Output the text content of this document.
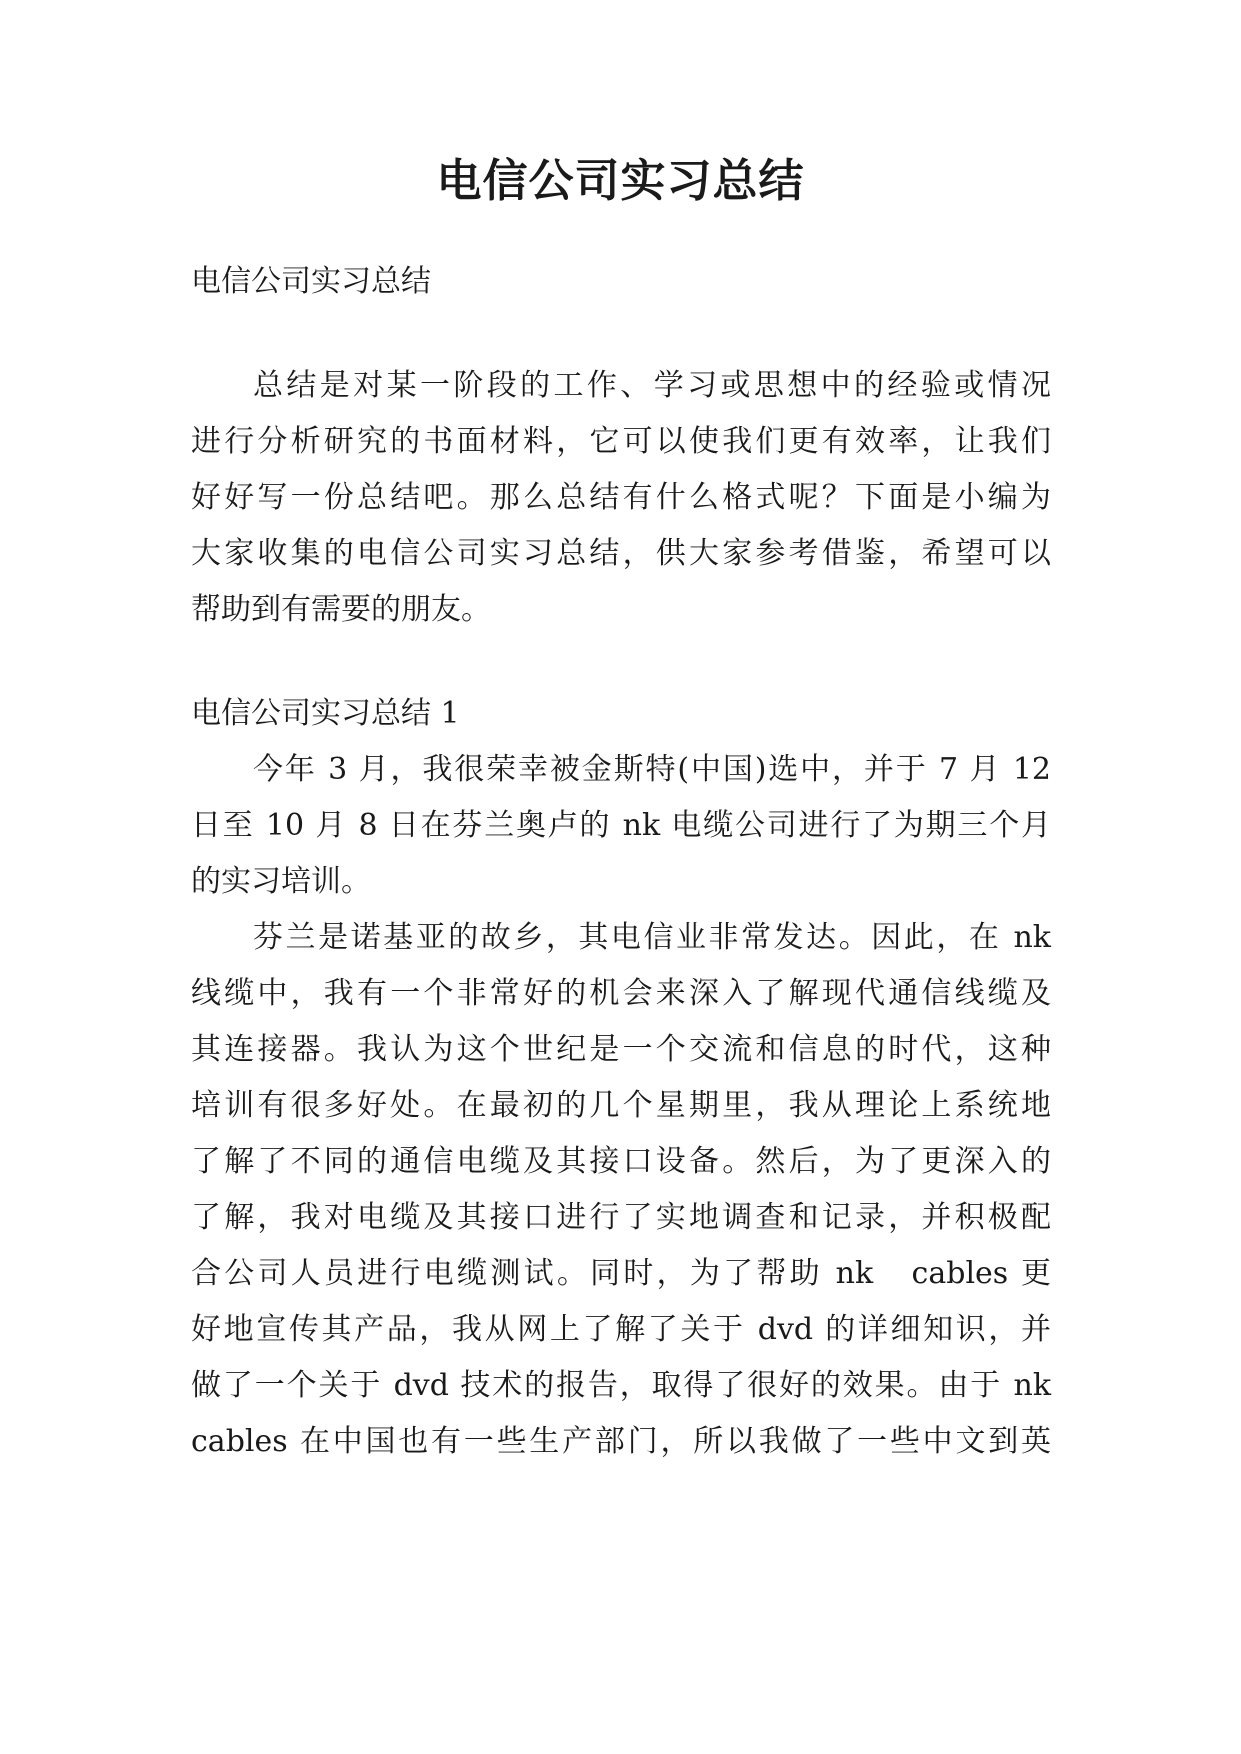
电信公司实习总结

电信公司实习总结

总结是对某一阶段的工作、学习或思想中的经验或情况

进行分析研究的书面材料，它可以使我们更有效率，让我们

好好写一份总结吧。那么总结有什么格式呢？下面是小编为

大家收集的电信公司实习总结，供大家参考借鉴，希望可以

帮助到有需要的朋友。

电信公司实习总结 1

今年 3 月，我很荣幸被金斯特(中国)选中，并于 7 月 12

日至 10 月 8 日在芬兰奥卢的 nk 电缆公司进行了为期三个月

的实习培训。

芬兰是诺基亚的故乡，其电信业非常发达。因此，在 nk

线缆中，我有一个非常好的机会来深入了解现代通信线缆及

其连接器。我认为这个世纪是一个交流和信息的时代，这种

培训有很多好处。在最初的几个星期里，我从理论上系统地

了解了不同的通信电缆及其接口设备。然后，为了更深入的

了解，我对电缆及其接口进行了实地调查和记录，并积极配

合公司人员进行电缆测试。同时，为了帮助 nk   cables 更

好地宣传其产品，我从网上了解了关于 dvd 的详细知识，并

做了一个关于 dvd 技术的报告，取得了很好的效果。由于 nk

cables 在中国也有一些生产部门，所以我做了一些中文到英
